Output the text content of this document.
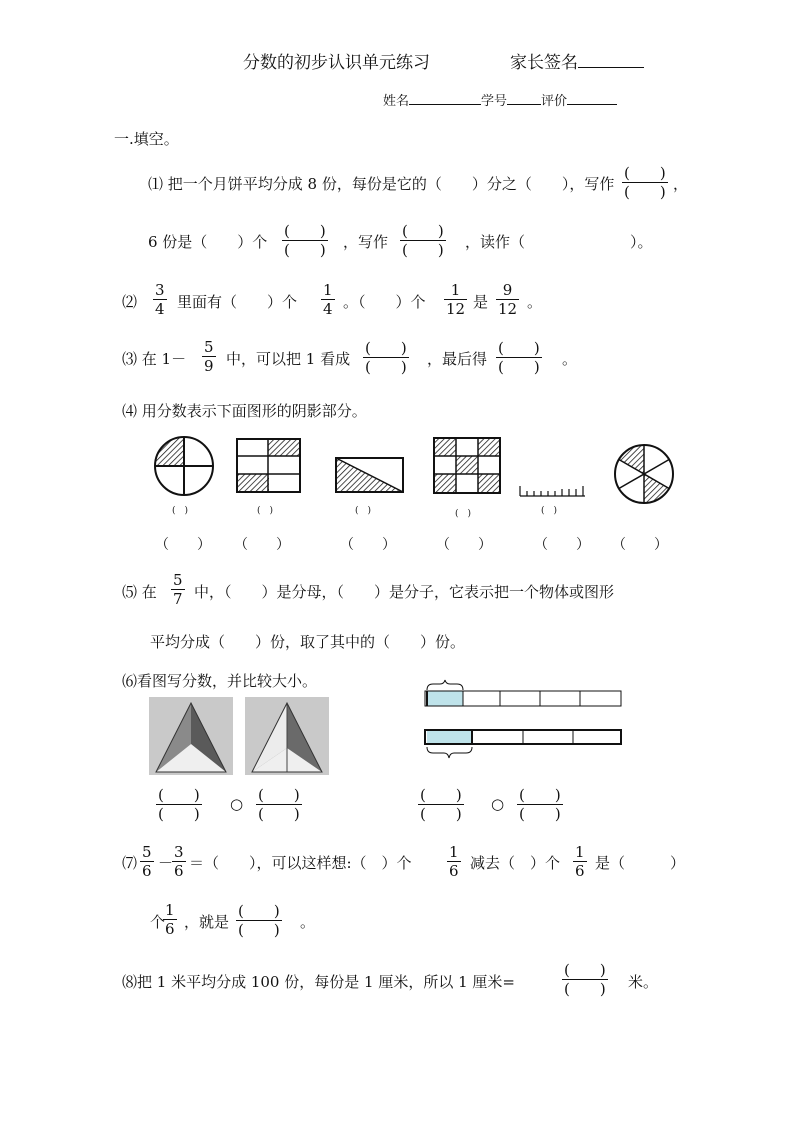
分数的初步认识单元练习	家长签名
姓名	学号	评价
一.填空。
⑴ 把一个月饼平均分成 8 份，每份是它的（　　）分之（　　），写作
(　　)
(　　) ，
6 份是（　　）个
(　　)
(　　) ，写作
(　　)
(　　) ，读作（　　　　　　　）。
⑵ $\frac{3}{4}$ 里面有（　　）个 $\frac{1}{4}$ 。（　　）个 $\frac{1}{12}$ 是 $\frac{9}{12}$ 。
⑶ 在 $1- \frac{5}{9}$ 中，可以把 1 看成
(　　)
(　　) ，最后得
(　　)
(　　) 。
⑷ 用分数表示下面图形的阴影部分。
(　)	(　)	(　)	(　)	(　)
（　　） （　　）	（　　）	（　　）	（　　） （　　）
⑸ 在 $\frac{5}{7}$ 中，（　　）是分母，（　　）是分子，它表示把一个物体或图形
平均分成（　　）份，取了其中的（　　）份。
⑹看图写分数，并比较大小。
(　　)
(　　)
○ (　　)
(　　)
(　　)
(　　)
○ (　　)
(　　)
⑺ $\frac{5}{6}$ －
$\frac{3}{6}$ ＝（　　），可以这样想:（　）个 $\frac{1}{6}$ 减去（　）个 $\frac{1}{6}$ 是（　　　）
个
$\frac{1}{6}$ ，就是
(　　)
(　　) 。
⑻把 1 米平均分成 100 份，每份是 1 厘米，所以 1 厘米=
(　　)
(　　) 米。
